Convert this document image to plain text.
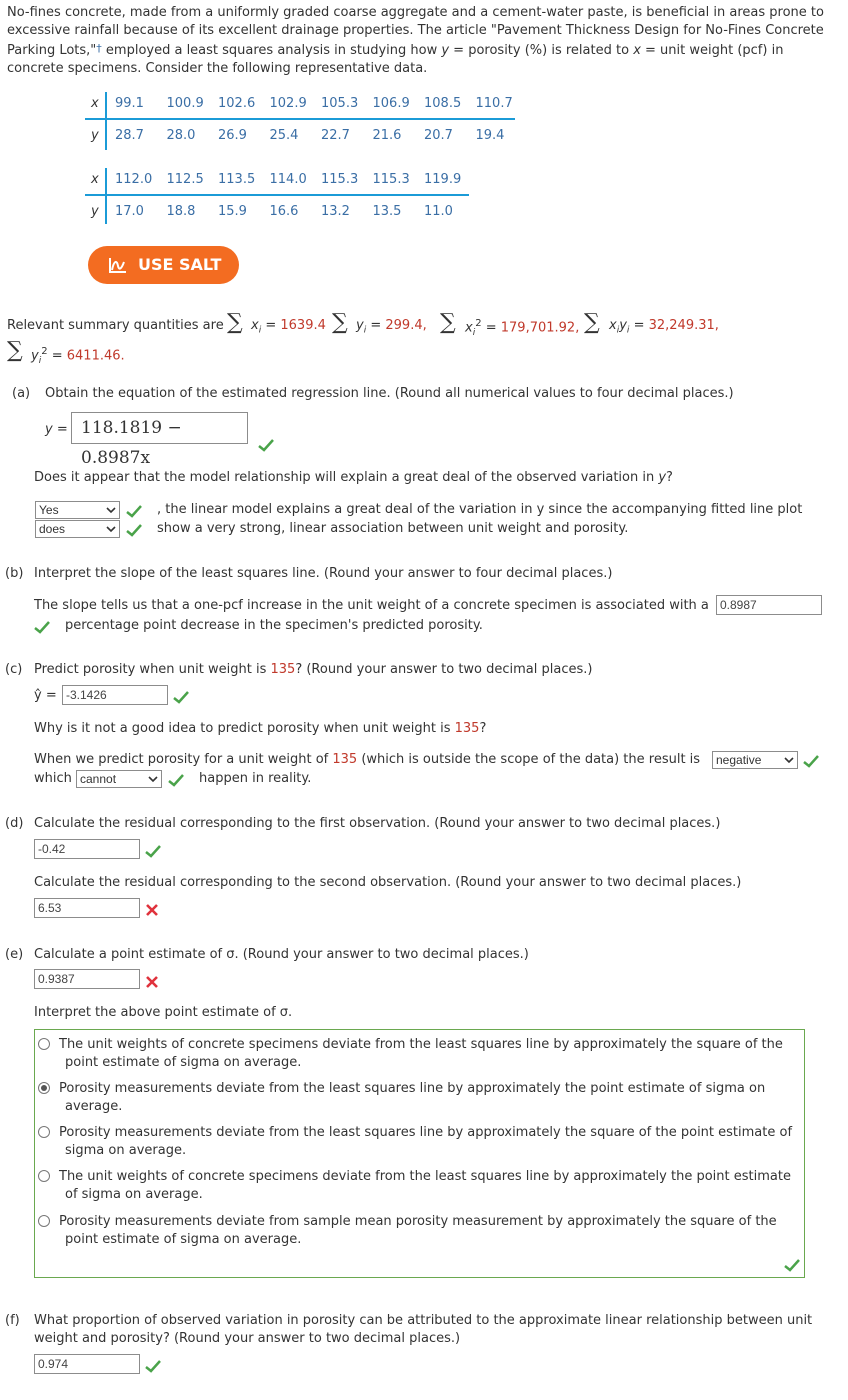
No-fines concrete, made from a uniformly graded coarse aggregate and a cement-water paste, is beneficial in areas prone to
excessive rainfall because of its excellent drainage properties. The article "Pavement Thickness Design for No-Fines Concrete
Parking Lots,"† employed a least squares analysis in studying how y = porosity (%) is related to x = unit weight (pcf) in
concrete specimens. Consider the following representative data.
x
y
99.1 100.9 102.6 102.9 105.3 106.9 108.5 110.7
28.7 28.0 26.9 25.4 22.7 21.6 20.7 19.4
x
y
112.0 112.5 113.5 114.0 115.3 115.3 119.9
17.0 18.8 15.9 16.6 13.2 13.5 11.0
USE SALT
Relevant summary quantities are ∑ $x_i = 1639.4$ ∑ $y_i = 299.4$, ∑ $x_i^2 = 179,701.92$, ∑ $x_iy_i = 32,249.31$,
∑ $y_i^2 = 6411.46$.
(a) Obtain the equation of the estimated regression line. (Round all numerical values to four decimal places.)
y = 118.1819 − 0.8987x
Does it appear that the model relationship will explain a great deal of the observed variation in y?
Yes
does
, the linear model explains a great deal of the variation in y since the accompanying fitted line plot
show a very strong, linear association between unit weight and porosity.
(b) Interpret the slope of the least squares line. (Round your answer to four decimal places.)
The slope tells us that a one-pcf increase in the unit weight of a concrete specimen is associated with a 0.8987
percentage point decrease in the specimen's predicted porosity.
(c) Predict porosity when unit weight is 135? (Round your answer to two decimal places.)
ŷ = -3.1426
Why is it not a good idea to predict porosity when unit weight is 135?
When we predict porosity for a unit weight of 135 (which is outside the scope of the data) the result is	negative
which cannot	happen in reality.
(d) Calculate the residual corresponding to the first observation. (Round your answer to two decimal places.)
-0.42
Calculate the residual corresponding to the second observation. (Round your answer to two decimal places.)
6.53
(e) Calculate a point estimate of σ. (Round your answer to two decimal places.)
0.9387
Interpret the above point estimate of σ.
The unit weights of concrete specimens deviate from the least squares line by approximately the square of the
point estimate of sigma on average.
Porosity measurements deviate from the least squares line by approximately the point estimate of sigma on
average.
Porosity measurements deviate from the least squares line by approximately the square of the point estimate of
sigma on average.
The unit weights of concrete specimens deviate from the least squares line by approximately the point estimate
of sigma on average.
Porosity measurements deviate from sample mean porosity measurement by approximately the square of the
point estimate of sigma on average.
(f) What proportion of observed variation in porosity can be attributed to the approximate linear relationship between unit
weight and porosity? (Round your answer to two decimal places.)
0.974
